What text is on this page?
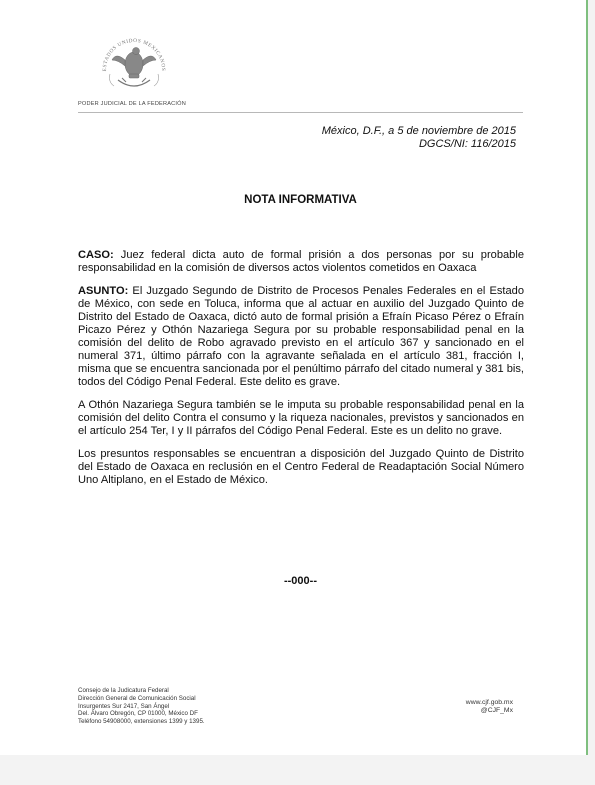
ESTADOS UNIDOS MEXICANOS
PODER JUDICIAL DE LA FEDERACIÓN
México, D.F., a 5 de noviembre de 2015
DGCS/NI: 116/2015
NOTA INFORMATIVA

CASO: Juez federal dicta auto de formal prisión a dos personas por su probable responsabilidad en la comisión de diversos actos violentos cometidos en Oaxaca

ASUNTO: El Juzgado Segundo de Distrito de Procesos Penales Federales en el Estado de México, con sede en Toluca, informa que al actuar en auxilio del Juzgado Quinto de Distrito del Estado de Oaxaca, dictó auto de formal prisión a Efraín Picaso Pérez o Efraín Picazo Pérez y Othón Nazariega Segura por su probable responsabilidad penal en la comisión del delito de Robo agravado previsto en el artículo 367 y sancionado en el numeral 371, último párrafo con la agravante señalada en el artículo 381, fracción I, misma que se encuentra sancionada por el penúltimo párrafo del citado numeral y 381 bis, todos del Código Penal Federal. Este delito es grave.

A Othón Nazariega Segura también se le imputa su probable responsabilidad penal en la comisión del delito Contra el consumo y la riqueza nacionales, previstos y sancionados en el artículo 254 Ter, I y II párrafos del Código Penal Federal. Este es un delito no grave.

Los presuntos responsables se encuentran a disposición del Juzgado Quinto de Distrito del Estado de Oaxaca en reclusión en el Centro Federal de Readaptación Social Número Uno Altiplano, en el Estado de México.

--000--
Consejo de la Judicatura Federal
Dirección General de Comunicación Social
Insurgentes Sur 2417, San Ángel
Del. Álvaro Obregón, CP 01000, México DF
Teléfono 54908000, extensiones 1399 y 1395.
www.cjf.gob.mx
@CJF_Mx
